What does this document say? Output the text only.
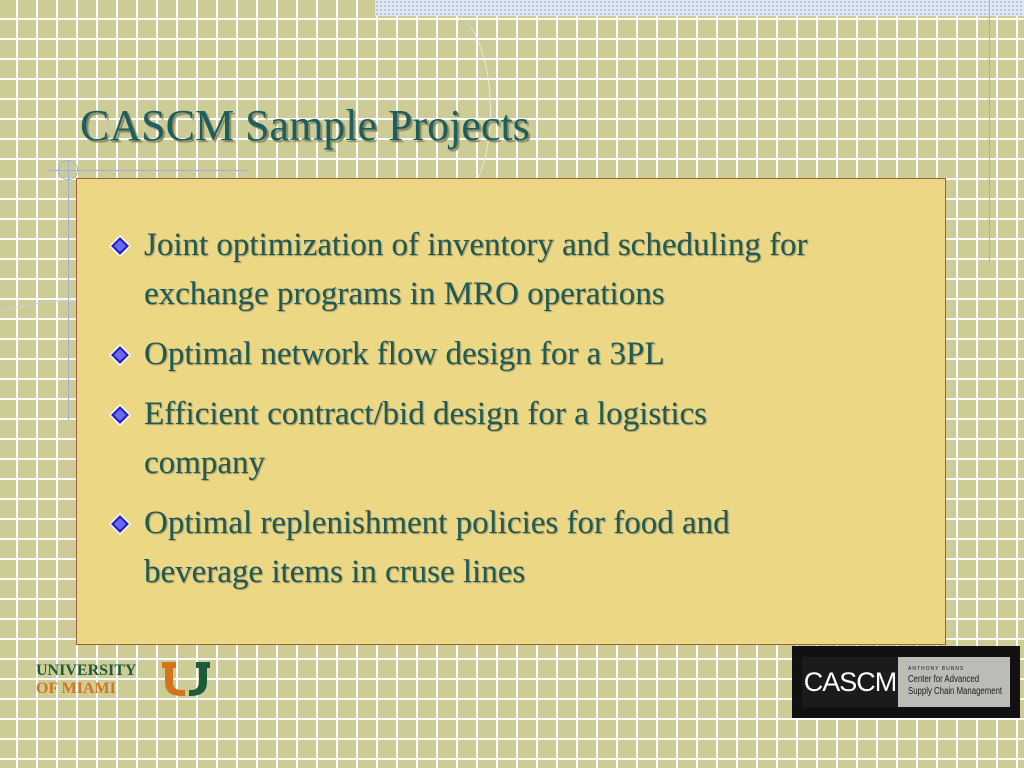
CASCM Sample Projects
Joint optimization of inventory and scheduling for
exchange programs in MRO operations
Optimal network flow design for a 3PL
Efficient contract/bid design for a logistics
company
Optimal replenishment policies for food and
beverage items in cruse lines
UNIVERSITY
OF MIAMI	CASCM	ANTHONY BURNS
Center for Advanced
Supply Chain Management
